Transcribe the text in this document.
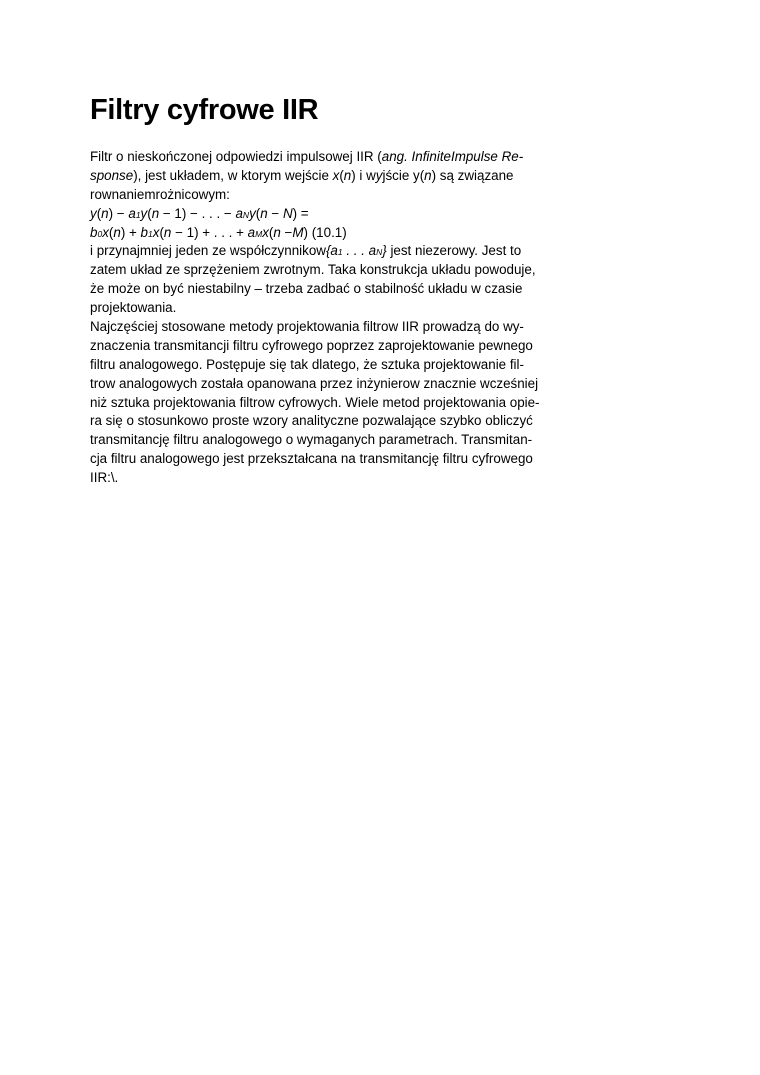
Filtry cyfrowe IIR
Filtr o nieskończonej odpowiedzi impulsowej IIR (ang. InfiniteImpulse Re-
sponse), jest układem, w ktorym wejście x(n) i wyjście y(n) są związane
rownaniemrożnicowym:
y(n) − a1y(n − 1) − . . . − aNy(n − N) =
b0x(n) + b1x(n − 1) + . . . + aMx(n −M) (10.1)
i przynajmniej jeden ze współczynnikow{a1 . . . aN} jest niezerowy. Jest to
zatem układ ze sprzężeniem zwrotnym. Taka konstrukcja układu powoduje,
że może on być niestabilny – trzeba zadbać o stabilność układu w czasie
projektowania.
Najczęściej stosowane metody projektowania filtrow IIR prowadzą do wy-
znaczenia transmitancji filtru cyfrowego poprzez zaprojektowanie pewnego
filtru analogowego. Postępuje się tak dlatego, że sztuka projektowanie fil-
trow analogowych została opanowana przez inżynierow znacznie wcześniej
niż sztuka projektowania filtrow cyfrowych. Wiele metod projektowania opie-
ra się o stosunkowo proste wzory analityczne pozwalające szybko obliczyć
transmitancję filtru analogowego o wymaganych parametrach. Transmitan-
cja filtru analogowego jest przekształcana na transmitancję filtru cyfrowego
IIR:\.
